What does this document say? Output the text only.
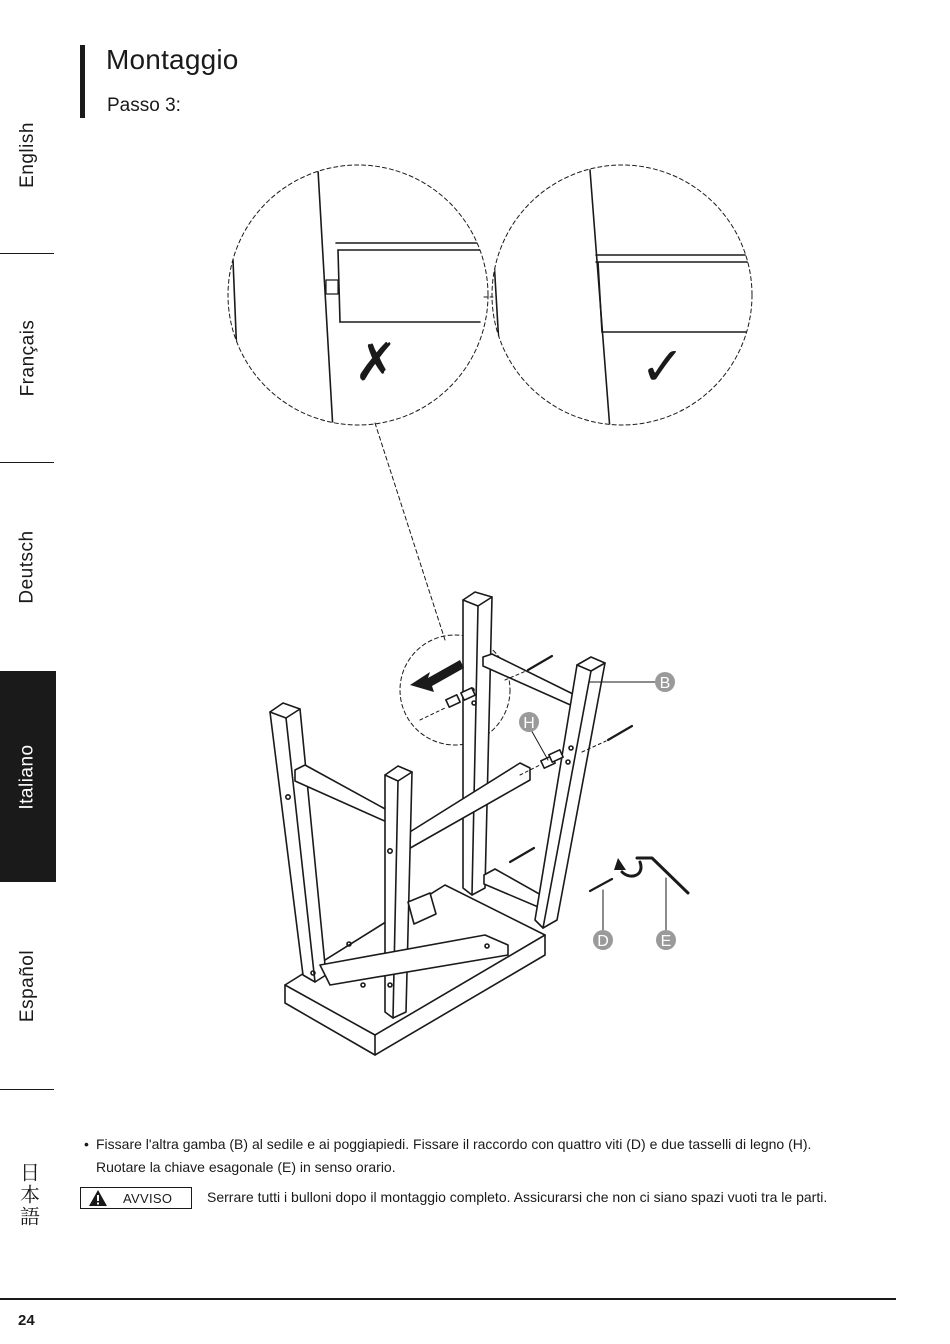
English
Français
Deutsch
Italiano
Español
日本語
Montaggio
Passo 3:
✗	✓
B
H
D	E
• Fissare l'altra gamba (B) al sedile e ai poggiapiedi. Fissare il raccordo con quattro viti (D) e due tasselli di legno (H).
Ruotare la chiave esagonale (E) in senso orario.
AVVISO Serrare tutti i bulloni dopo il montaggio completo. Assicurarsi che non ci siano spazi vuoti tra le parti.
24
